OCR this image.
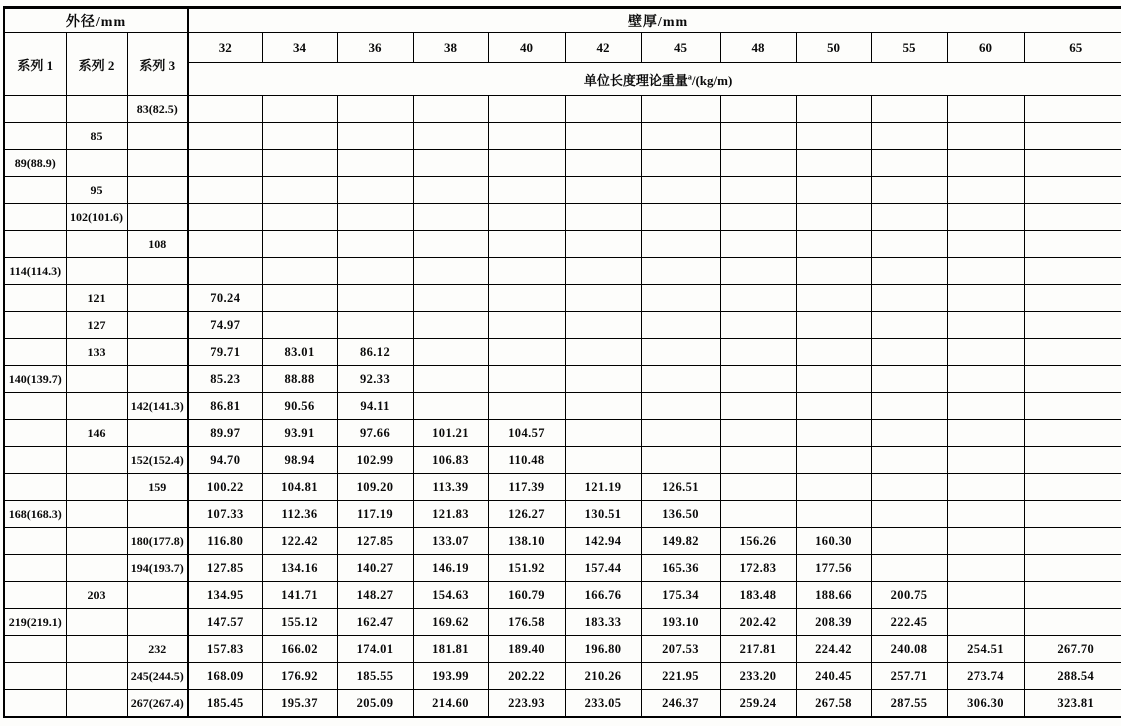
外径/mm			壁厚/mm											
系列 1	系列 2	系列 3	32	34	36	38	40	42	45	48	50	55	60	65
			单位长度理论重量$^a$/(kg/m)											
		83(82.5)												
	85													
89(88.9)														
	95													
	102(101.6)													
		108												
114(114.3)														
	121		70.24											
	127		74.97											
	133		79.71	83.01	86.12									
140(139.7)			85.23	88.88	92.33									
		142(141.3)	86.81	90.56	94.11									
	146		89.97	93.91	97.66	101.21	104.57							
		152(152.4)	94.70	98.94	102.99	106.83	110.48							
		159	100.22	104.81	109.20	113.39	117.39	121.19	126.51					
168(168.3)			107.33	112.36	117.19	121.83	126.27	130.51	136.50					
		180(177.8)	116.80	122.42	127.85	133.07	138.10	142.94	149.82	156.26	160.30			
		194(193.7)	127.85	134.16	140.27	146.19	151.92	157.44	165.36	172.83	177.56			
	203		134.95	141.71	148.27	154.63	160.79	166.76	175.34	183.48	188.66	200.75		
219(219.1)			147.57	155.12	162.47	169.62	176.58	183.33	193.10	202.42	208.39	222.45		
		232	157.83	166.02	174.01	181.81	189.40	196.80	207.53	217.81	224.42	240.08	254.51	267.70
		245(244.5)	168.09	176.92	185.55	193.99	202.22	210.26	221.95	233.20	240.45	257.71	273.74	288.54
		267(267.4)	185.45	195.37	205.09	214.60	223.93	233.05	246.37	259.24	267.58	287.55	306.30	323.81
